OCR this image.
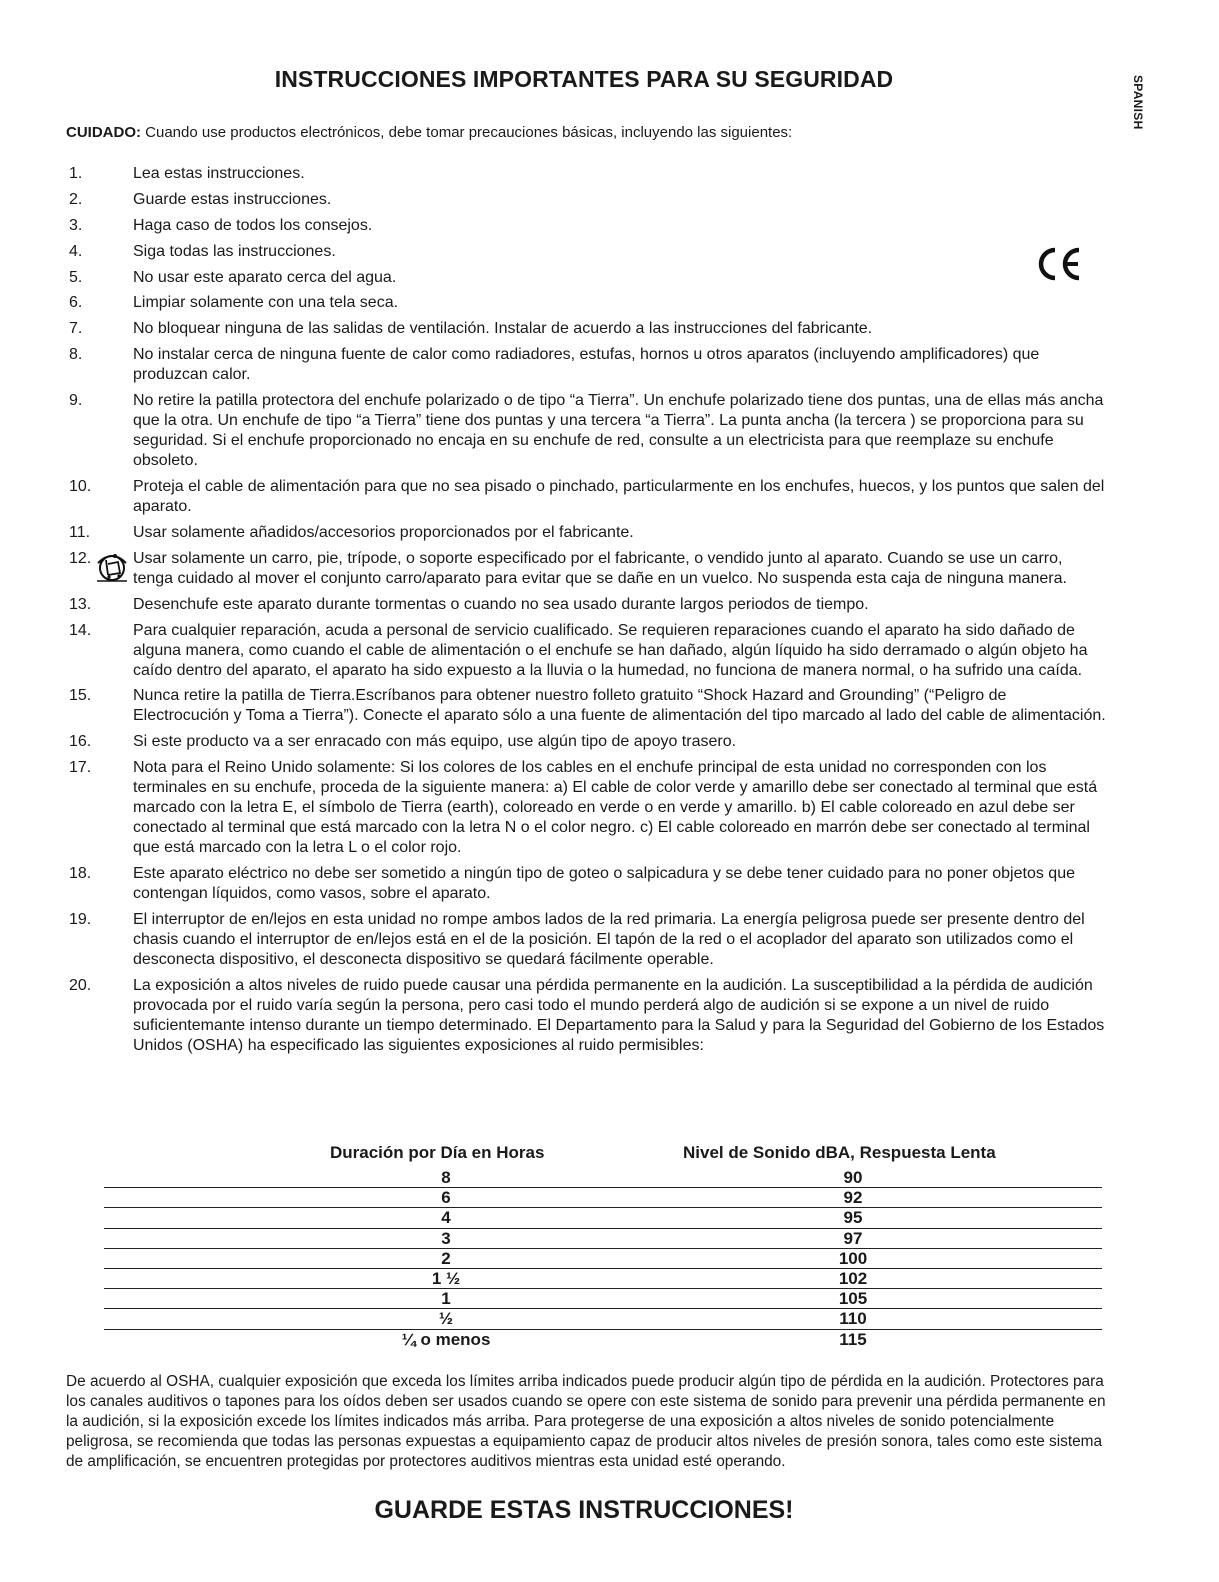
INSTRUCCIONES IMPORTANTES PARA SU SEGURIDAD	SPANISH

CUIDADO: Cuando use productos electrónicos, debe tomar precauciones básicas, incluyendo las siguientes:

1.	Lea estas instrucciones.
2.	Guarde estas instrucciones.
3.	Haga caso de todos los consejos.
4.	Siga todas las instrucciones.
5.	No usar este aparato cerca del agua.
6.	Limpiar solamente con una tela seca.
7.	No bloquear ninguna de las salidas de ventilación. Instalar de acuerdo a las instrucciones del fabricante.
8.	No instalar cerca de ninguna fuente de calor como radiadores, estufas, hornos u otros aparatos (incluyendo amplificadores) que produzcan calor.
9.	No retire la patilla protectora del enchufe polarizado o de tipo “a Tierra”. Un enchufe polarizado tiene dos puntas, una de ellas más ancha que la otra. Un enchufe de tipo “a Tierra” tiene dos puntas y una tercera “a Tierra”. La punta ancha (la tercera ) se proporciona para su seguridad. Si el enchufe proporcionado no encaja en su enchufe de red, consulte a un electricista para que reemplaze su enchufe obsoleto.
10.	Proteja el cable de alimentación para que no sea pisado o pinchado, particularmente en los enchufes, huecos, y los puntos que salen del aparato.
11.	Usar solamente añadidos/accesorios proporcionados por el fabricante.
12.	Usar solamente un carro, pie, trípode, o soporte especificado por el fabricante, o vendido junto al aparato. Cuando se use un carro, tenga cuidado al mover el conjunto carro/aparato para evitar que se dañe en un vuelco. No suspenda esta caja de ninguna manera.
13.	Desenchufe este aparato durante tormentas o cuando no sea usado durante largos periodos de tiempo.
14.	Para cualquier reparación, acuda a personal de servicio cualificado. Se requieren reparaciones cuando el aparato ha sido dañado de alguna manera, como cuando el cable de alimentación o el enchufe se han dañado, algún líquido ha sido derramado o algún objeto ha caído dentro del aparato, el aparato ha sido expuesto a la lluvia o la humedad, no funciona de manera normal, o ha sufrido una caída.
15.	Nunca retire la patilla de Tierra.Escríbanos para obtener nuestro folleto gratuito “Shock Hazard and Grounding” (“Peligro de Electrocución y Toma a Tierra”). Conecte el aparato sólo a una fuente de alimentación del tipo marcado al lado del cable de alimentación.
16.	Si este producto va a ser enracado con más equipo, use algún tipo de apoyo trasero.
17.	Nota para el Reino Unido solamente: Si los colores de los cables en el enchufe principal de esta unidad no corresponden con los terminales en su enchufe, proceda de la siguiente manera: a) El cable de color verde y amarillo debe ser conectado al terminal que está marcado con la letra E, el símbolo de Tierra (earth), coloreado en verde o en verde y amarillo. b) El cable coloreado en azul debe ser conectado al terminal que está marcado con la letra N o el color negro. c) El cable coloreado en marrón debe ser conectado al terminal que está marcado con la letra L o el color rojo.
18.	Este aparato eléctrico no debe ser sometido a ningún tipo de goteo o salpicadura y se debe tener cuidado para no poner objetos que contengan líquidos, como vasos, sobre el aparato.
19.	El interruptor de en/lejos en esta unidad no rompe ambos lados de la red primaria. La energía peligrosa puede ser presente dentro del chasis cuando el interruptor de en/lejos está en el de la posición. El tapón de la red o el acoplador del aparato son utilizados como el desconecta dispositivo, el desconecta dispositivo se quedará fácilmente operable.
20.	La exposición a altos niveles de ruido puede causar una pérdida permanente en la audición. La susceptibilidad a la pérdida de audición provocada por el ruido varía según la persona, pero casi todo el mundo perderá algo de audición si se expone a un nivel de ruido suficientemante intenso durante un tiempo determinado. El Departamento para la Salud y para la Seguridad del Gobierno de los Estados Unidos (OSHA) ha especificado las siguientes exposiciones al ruido permisibles:
Duración por Día en Horas	Nivel de Sonido dBA, Respuesta Lenta
8	90
6	92
4	95
3	97
2	100
1 ½	102
1	105
½	110
¼ o menos	115

De acuerdo al OSHA, cualquier exposición que exceda los límites arriba indicados puede producir algún tipo de pérdida en la audición. Protectores para los canales auditivos o tapones para los oídos deben ser usados cuando se opere con este sistema de sonido para prevenir una pérdida permanente en la audición, si la exposición excede los límites indicados más arriba. Para protegerse de una exposición a altos niveles de sonido potencialmente peligrosa, se recomienda que todas las personas expuestas a equipamiento capaz de producir altos niveles de presión sonora, tales como este sistema de amplificación, se encuentren protegidas por protectores auditivos mientras esta unidad esté operando.

GUARDE ESTAS INSTRUCCIONES!
